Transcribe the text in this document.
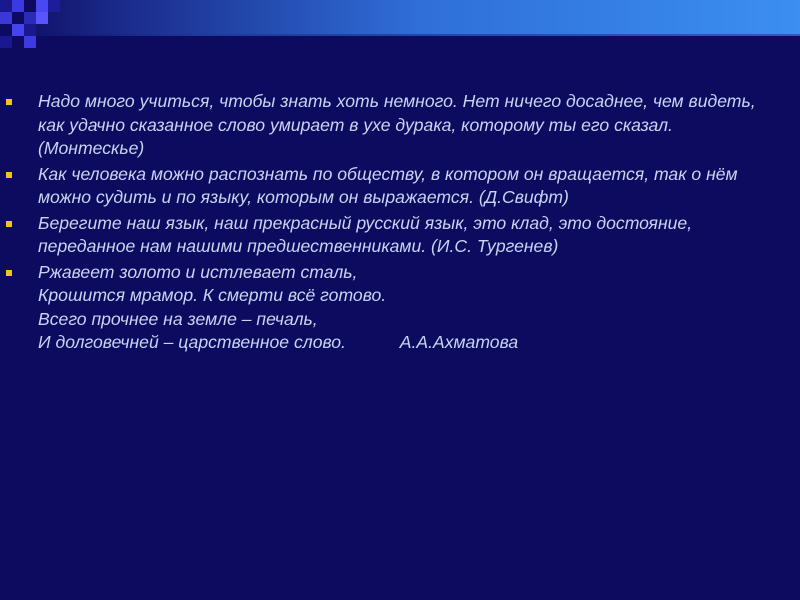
Надо много учиться, чтобы знать хоть немного. Нет ничего досаднее, чем видеть, как удачно сказанное слово умирает в ухе дурака, которому ты его сказал. (Монтескье)
Как человека можно распознать по обществу, в котором он вращается, так о нём можно судить и по языку, которым он выражается. (Д.Свифт)
Берегите наш язык, наш прекрасный русский язык, это клад, это достояние, переданное нам нашими предшественниками. (И.С. Тургенев)
Ржавеет золото и истлевает сталь,
Крошится мрамор. К смерти всё готово.
Всего прочнее на земле – печаль,
И долговечней – царственное слово.           А.А.Ахматова
